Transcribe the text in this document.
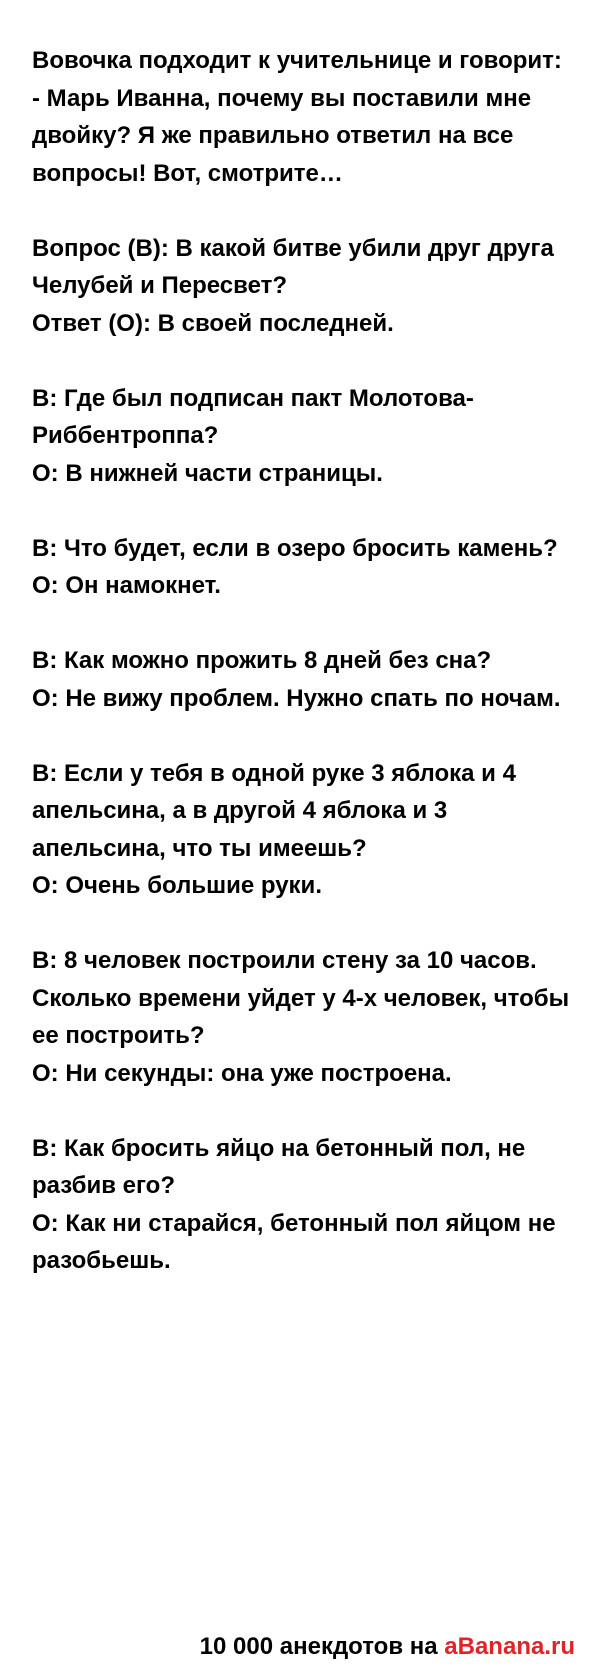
Вовочка подходит к учительнице и говорит:
- Марь Иванна, почему вы поставили мне двойку? Я же правильно ответил на все вопросы! Вот, смотрите…

Вопрос (В): В какой битве убили друг друга Челубей и Пересвет?
Ответ (О): В своей последней.

В: Где был подписан пакт Молотова-Риббентроппа?
О: В нижней части страницы.

В: Что будет, если в озеро бросить камень?
О: Он намокнет.

В: Как можно прожить 8 дней без сна?
О: Не вижу проблем. Нужно спать по ночам.

В: Если у тебя в одной руке 3 яблока и 4 апельсина, а в другой 4 яблока и 3 апельсина, что ты имеешь?
О: Очень большие руки.

В: 8 человек построили стену за 10 часов. Сколько времени уйдет у 4-х человек, чтобы ее построить?
О: Ни секунды: она уже построена.

В: Как бросить яйцо на бетонный пол, не разбив его?
О: Как ни старайся, бетонный пол яйцом не разобьешь.
10 000 анекдотов на aBanana.ru
